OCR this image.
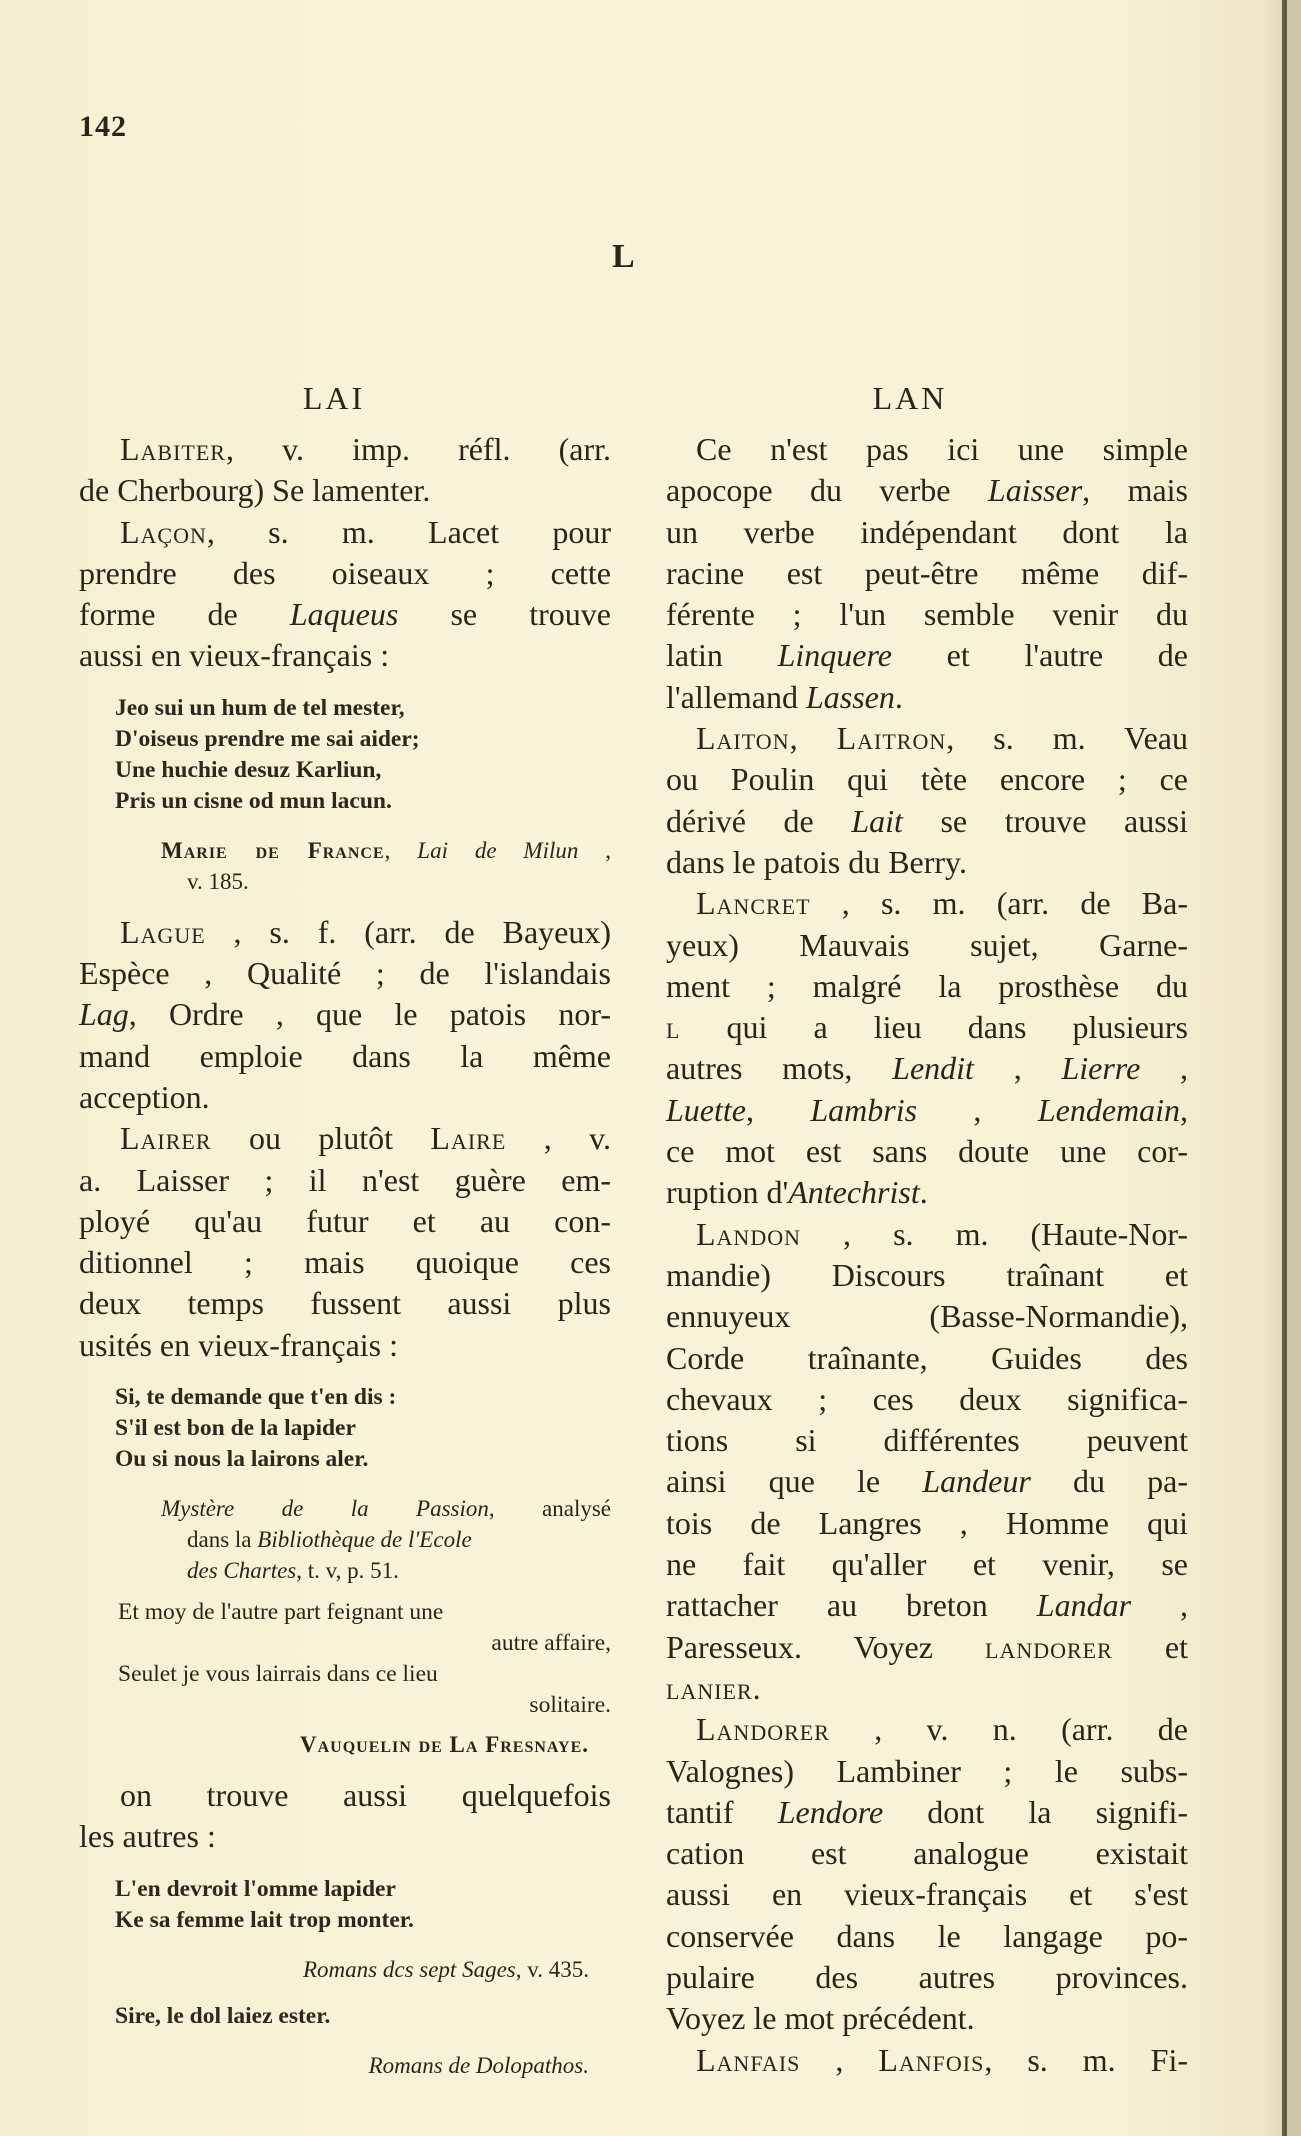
142
L
LAI	LAN
Labiter, v. imp. réfl. (arr.
de Cherbourg) Se lamenter.
Laçon, s. m. Lacet pour
prendre des oiseaux ; cette
forme de Laqueus se trouve
aussi en vieux-français :
Jeo sui un hum de tel mester,
D'oiseus prendre me sai aider;
Une huchie desuz Karliun,
Pris un cisne od mun lacun.
Marie de France, Lai de Milun ,
v. 185.
Lague , s. f. (arr. de Bayeux)
Espèce , Qualité ; de l'islandais
Lag, Ordre , que le patois nor-
mand emploie dans la même
acception.
Lairer ou plutôt Laire , v.
a. Laisser ; il n'est guère em-
ployé qu'au futur et au con-
ditionnel ; mais quoique ces
deux temps fussent aussi plus
usités en vieux-français :
Si, te demande que t'en dis :
S'il est bon de la lapider
Ou si nous la lairons aler.
Mystère de la Passion, analysé
dans la Bibliothèque de l'Ecole
des Chartes, t. v, p. 51.
Et moy de l'autre part feignant une
autre affaire,
Seulet je vous lairrais dans ce lieu
solitaire.
Vauquelin de La Fresnaye.
on trouve aussi quelquefois
les autres :
L'en devroit l'omme lapider
Ke sa femme lait trop monter.
Romans dcs sept Sages, v. 435.
Sire, le dol laiez ester.
Romans de Dolopathos.
Ce n'est pas ici une simple
apocope du verbe Laisser, mais
un verbe indépendant dont la
racine est peut-être même dif-
férente ; l'un semble venir du
latin Linquere et l'autre de
l'allemand Lassen.
Laiton, Laitron, s. m. Veau
ou Poulin qui tète encore ; ce
dérivé de Lait se trouve aussi
dans le patois du Berry.
Lancret , s. m. (arr. de Ba-
yeux) Mauvais sujet, Garne-
ment ; malgré la prosthèse du
l qui a lieu dans plusieurs
autres mots, Lendit , Lierre ,
Luette, Lambris , Lendemain,
ce mot est sans doute une cor-
ruption d'Antechrist.
Landon , s. m. (Haute-Nor-
mandie) Discours traînant et
ennuyeux (Basse-Normandie),
Corde traînante, Guides des
chevaux ; ces deux significa-
tions si différentes peuvent
ainsi que le Landeur du pa-
tois de Langres , Homme qui
ne fait qu'aller et venir, se
rattacher au breton Landar ,
Paresseux. Voyez landorer et
lanier.
Landorer , v. n. (arr. de
Valognes) Lambiner ; le subs-
tantif Lendore dont la signifi-
cation est analogue existait
aussi en vieux-français et s'est
conservée dans le langage po-
pulaire des autres provinces.
Voyez le mot précédent.
Lanfais , Lanfois, s. m. Fi-
